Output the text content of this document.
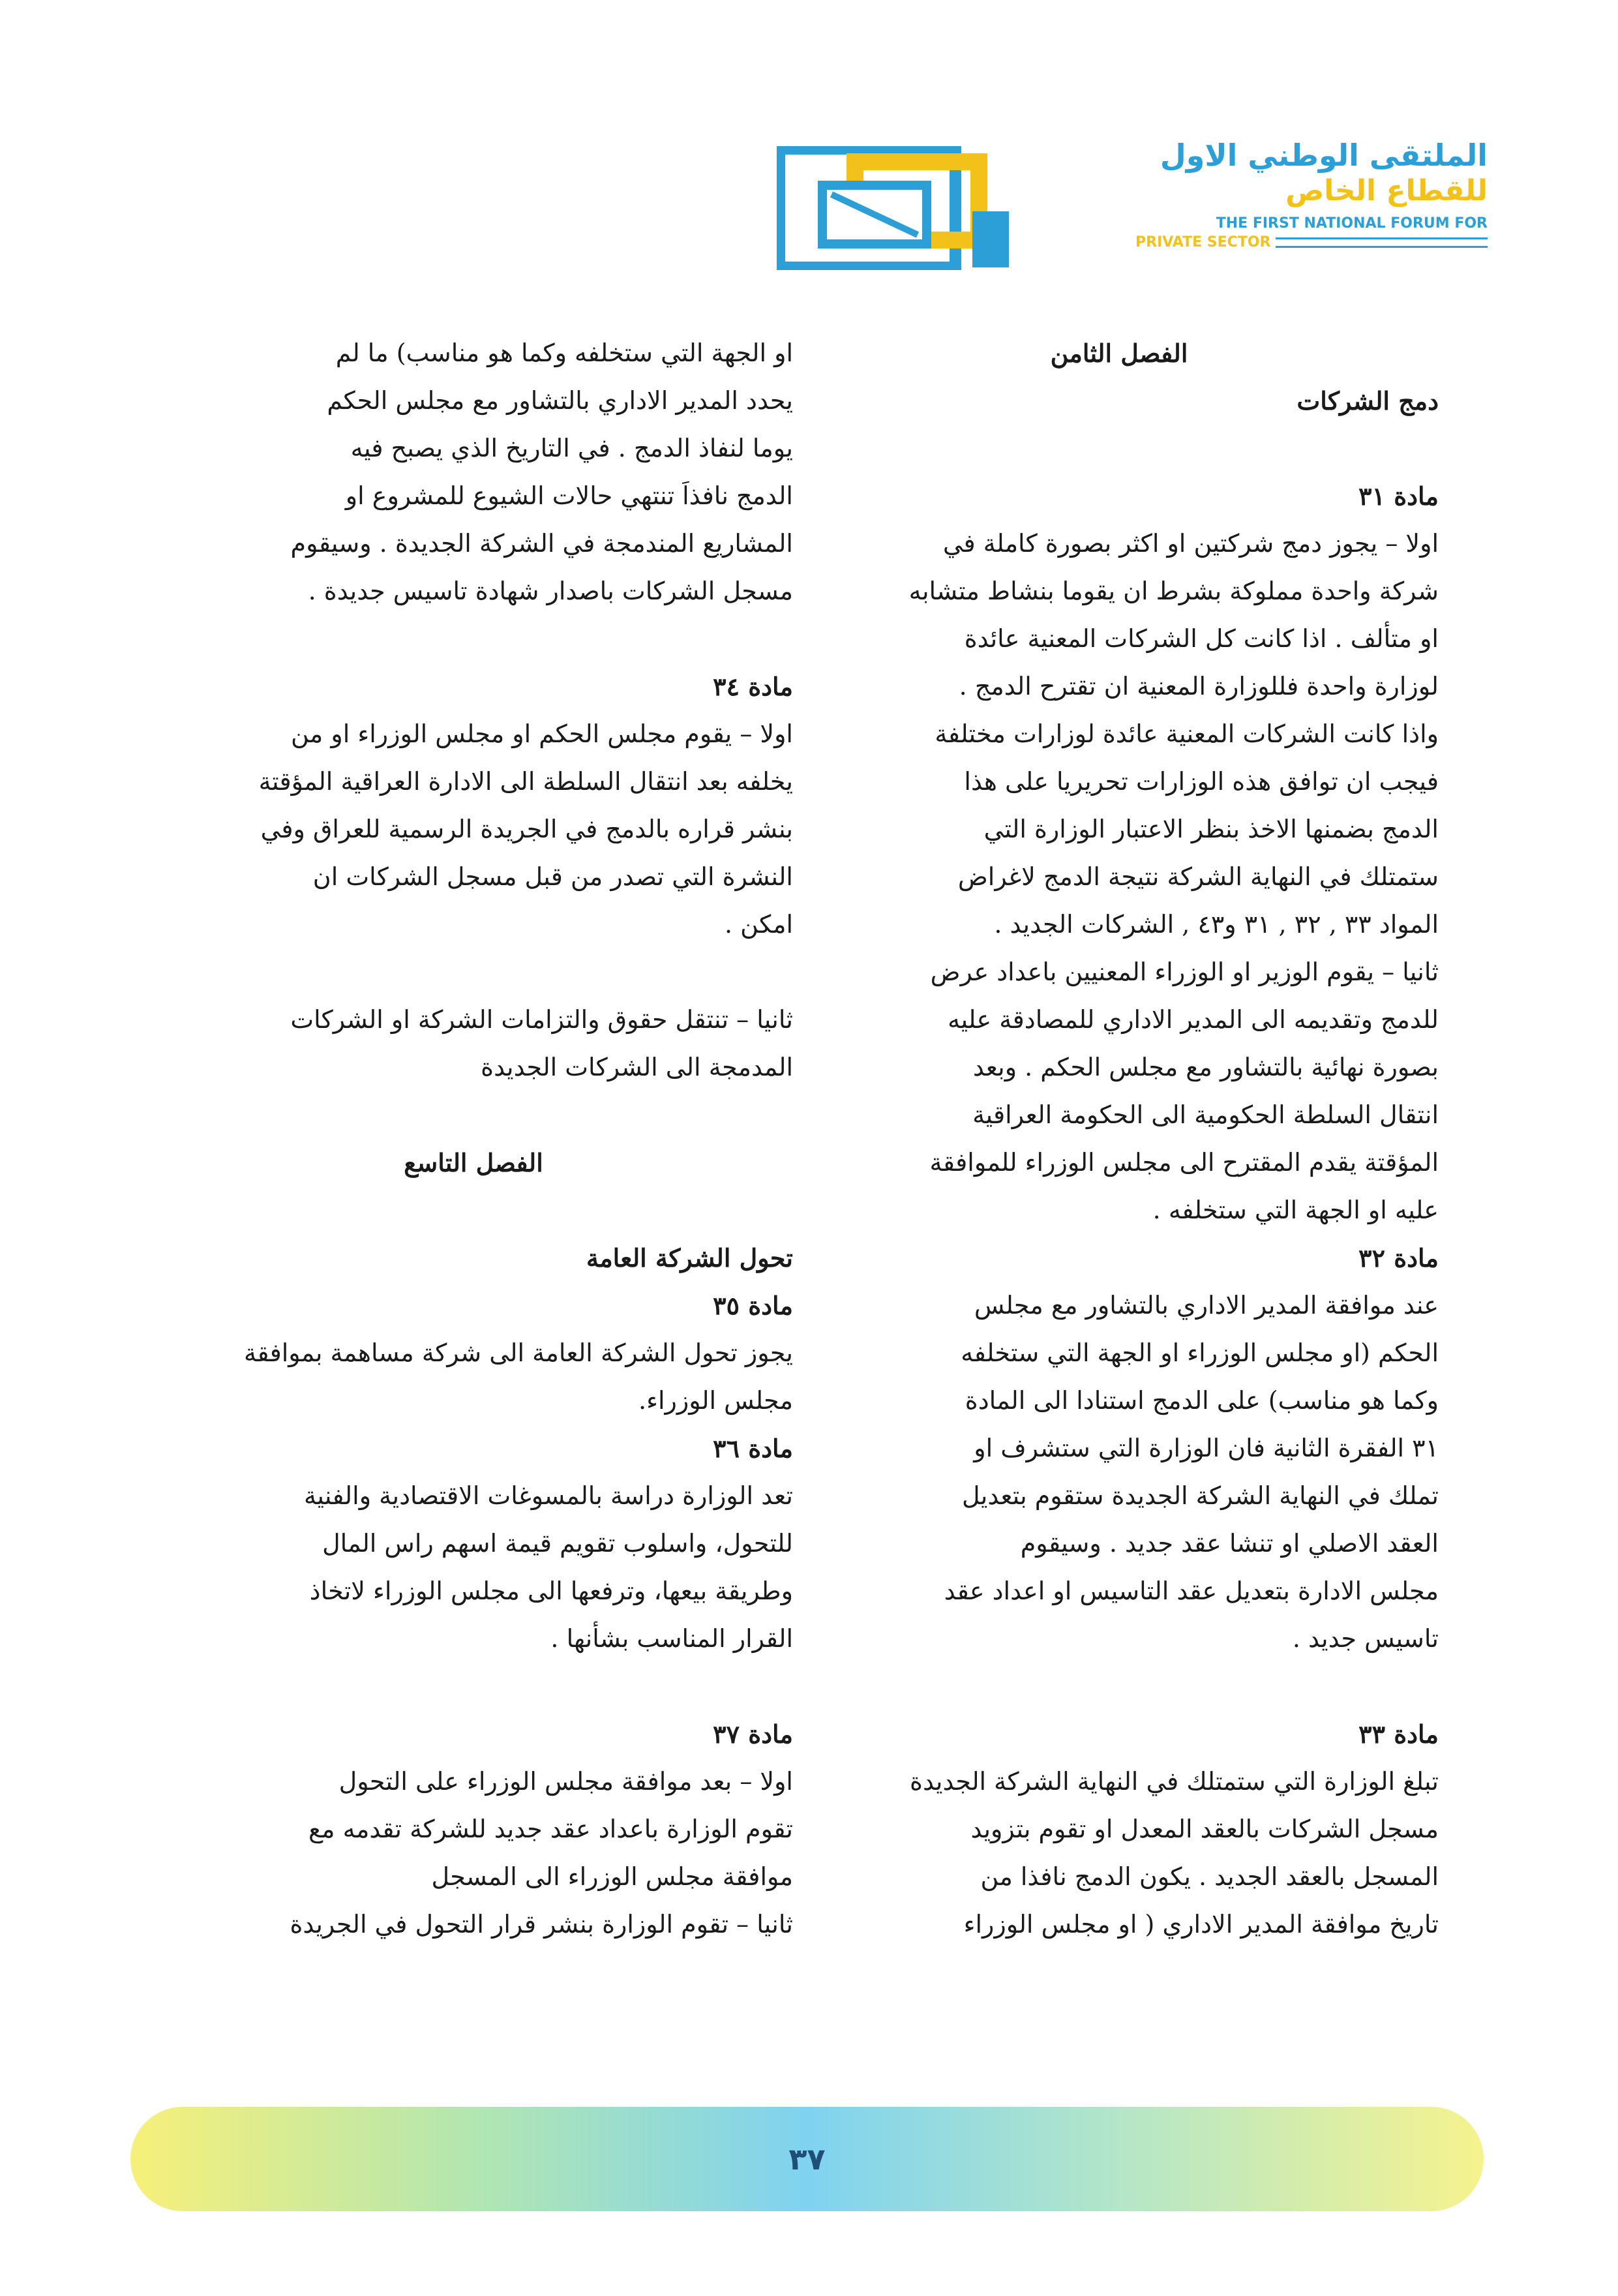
الملتقى الوطني الاول
للقطاع الخاص
THE FIRST NATIONAL FORUM FOR
PRIVATE SECTOR

الفصل الثامن

دمج الشركات

مادة ٣١

اولا – يجوز دمج شركتين او اكثر بصورة كاملة في

شركة واحدة مملوكة بشرط ان يقوما بنشاط متشابه

او متألف . اذا كانت كل الشركات المعنية عائدة

لوزارة واحدة فللوزارة المعنية ان تقترح الدمج .

واذا كانت الشركات المعنية عائدة لوزارات مختلفة

فيجب ان توافق هذه الوزارات تحريريا على هذا

الدمج بضمنها الاخذ بنظر الاعتبار الوزارة التي

ستمتلك في النهاية الشركة نتيجة الدمج لاغراض

المواد ٣٣ , ٣٢ , ٣١ و٤٣ , الشركات الجديد .

ثانيا – يقوم الوزير او الوزراء المعنيين باعداد عرض

للدمج وتقديمه الى المدير الاداري للمصادقة عليه

بصورة نهائية بالتشاور مع مجلس الحكم . وبعد

انتقال السلطة الحكومية الى الحكومة العراقية

المؤقتة يقدم المقترح الى مجلس الوزراء للموافقة

عليه او الجهة التي ستخلفه .

مادة ٣٢

عند موافقة المدير الاداري بالتشاور مع مجلس

الحكم (او مجلس الوزراء او الجهة التي ستخلفه

وكما هو مناسب) على الدمج استنادا الى المادة

٣١ الفقرة الثانية فان الوزارة التي ستشرف او

تملك في النهاية الشركة الجديدة ستقوم بتعديل

العقد الاصلي او تنشا عقد جديد . وسيقوم

مجلس الادارة بتعديل عقد التاسيس او اعداد عقد

تاسيس جديد .

مادة ٣٣

تبلغ الوزارة التي ستمتلك في النهاية الشركة الجديدة

مسجل الشركات بالعقد المعدل او تقوم بتزويد

المسجل بالعقد الجديد . يكون الدمج نافذا من

تاريخ موافقة المدير الاداري ( او مجلس الوزراء

او الجهة التي ستخلفه وكما هو مناسب) ما لم

يحدد المدير الاداري بالتشاور مع مجلس الحكم

يوما لنفاذ الدمج . في التاريخ الذي يصبح فيه

الدمج نافذاَ تنتهي حالات الشيوع للمشروع او

المشاريع المندمجة في الشركة الجديدة . وسيقوم

مسجل الشركات باصدار شهادة تاسيس جديدة .

مادة ٣٤

اولا – يقوم مجلس الحكم او مجلس الوزراء او من

يخلفه بعد انتقال السلطة الى الادارة العراقية المؤقتة

بنشر قراره بالدمج في الجريدة الرسمية للعراق وفي

النشرة التي تصدر من قبل مسجل الشركات ان

امكن .

ثانيا – تنتقل حقوق والتزامات الشركة او الشركات

المدمجة الى الشركات الجديدة

الفصل التاسع

تحول الشركة العامة

مادة ٣٥

يجوز تحول الشركة العامة الى شركة مساهمة بموافقة

مجلس الوزراء.

مادة ٣٦

تعد الوزارة دراسة بالمسوغات الاقتصادية والفنية

للتحول، واسلوب تقويم قيمة اسهم راس المال

وطريقة بيعها، وترفعها الى مجلس الوزراء لاتخاذ

القرار المناسب بشأنها .

مادة ٣٧

اولا – بعد موافقة مجلس الوزراء على التحول

تقوم الوزارة باعداد عقد جديد للشركة تقدمه مع

موافقة مجلس الوزراء الى المسجل

ثانيا – تقوم الوزارة بنشر قرار التحول في الجريدة

٣٧
